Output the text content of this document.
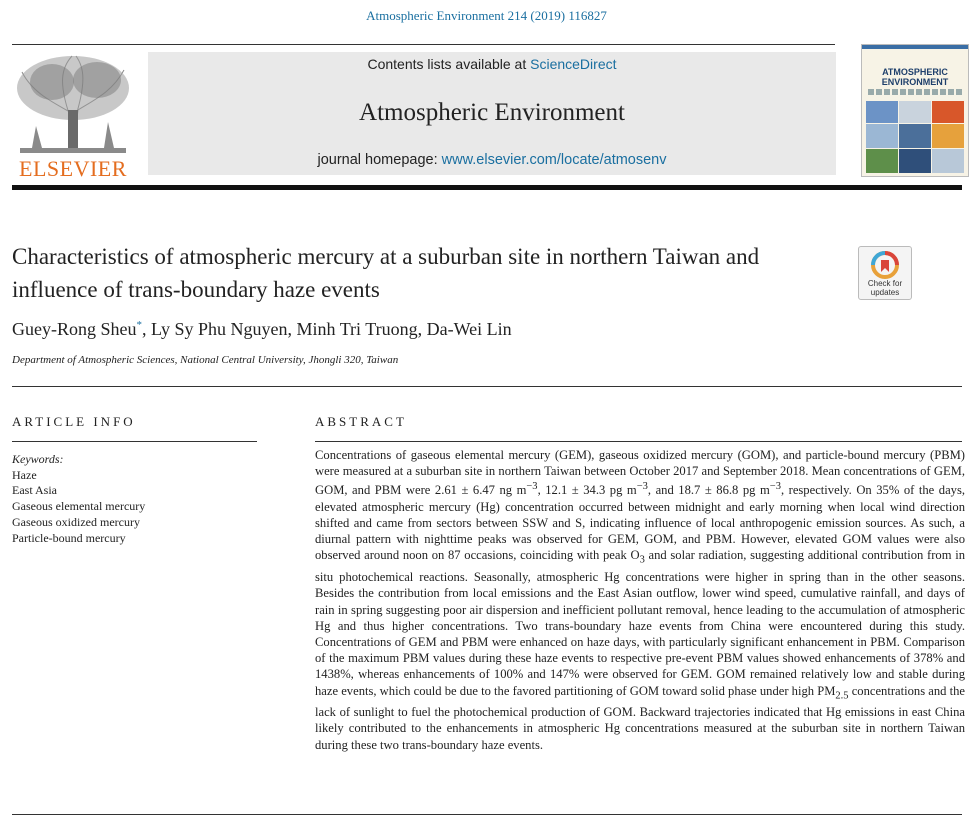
Atmospheric Environment 214 (2019) 116827
ELSEVIER
Contents lists available at ScienceDirect
Atmospheric Environment
journal homepage: www.elsevier.com/locate/atmosenv
ATMOSPHERIC
ENVIRONMENT
Characteristics of atmospheric mercury at a suburban site in northern Taiwan and influence of trans-boundary haze events	Check for
updates
Guey-Rong Sheu*, Ly Sy Phu Nguyen, Minh Tri Truong, Da-Wei Lin
Department of Atmospheric Sciences, National Central University, Jhongli 320, Taiwan
ARTICLE INFO
Keywords:
Haze
East Asia
Gaseous elemental mercury
Gaseous oxidized mercury
Particle-bound mercury
ABSTRACT
Concentrations of gaseous elemental mercury (GEM), gaseous oxidized mercury (GOM), and particle-bound mercury (PBM) were measured at a suburban site in northern Taiwan between October 2017 and September 2018. Mean concentrations of GEM, GOM, and PBM were 2.61 ± 6.47 ng $m^{-3}$, 12.1 ± 34.3 pg $m^{-3}$, and 18.7 ± 86.8 pg $m^{-3}$, respectively. On 35% of the days, elevated atmospheric mercury (Hg) concentration occurred between midnight and early morning when local wind direction shifted and came from sectors between SSW and S, indicating influence of local anthropogenic emission sources. As such, a diurnal pattern with nighttime peaks was observed for GEM, GOM, and PBM. However, elevated GOM values were also observed around noon on 87 occasions, coinciding with peak $O_3$ and solar radiation, suggesting additional contribution from in situ photochemical reactions. Seasonally, atmospheric Hg concentrations were higher in spring than in the other seasons. Besides the contribution from local emissions and the East Asian outflow, lower wind speed, cumulative rainfall, and days of rain in spring suggesting poor air dispersion and inefficient pollutant removal, hence leading to the accumulation of atmospheric Hg and thus higher concentrations. Two trans-boundary haze events from China were encountered during this study. Concentrations of GEM and PBM were enhanced on haze days, with particularly significant enhancement in PBM. Comparison of the maximum PBM values during these haze events to respective pre-event PBM values showed enhancements of 378% and 1438%, whereas enhancements of 100% and 147% were observed for GEM. GOM remained relatively low and stable during haze events, which could be due to the favored partitioning of GOM toward solid phase under high $PM_{2.5}$ concentrations and the lack of sunlight to fuel the photochemical production of GOM. Backward trajectories indicated that Hg emissions in east China likely contributed to the enhancements in atmospheric Hg concentrations measured at the suburban site in northern Taiwan during these two trans-boundary haze events.
